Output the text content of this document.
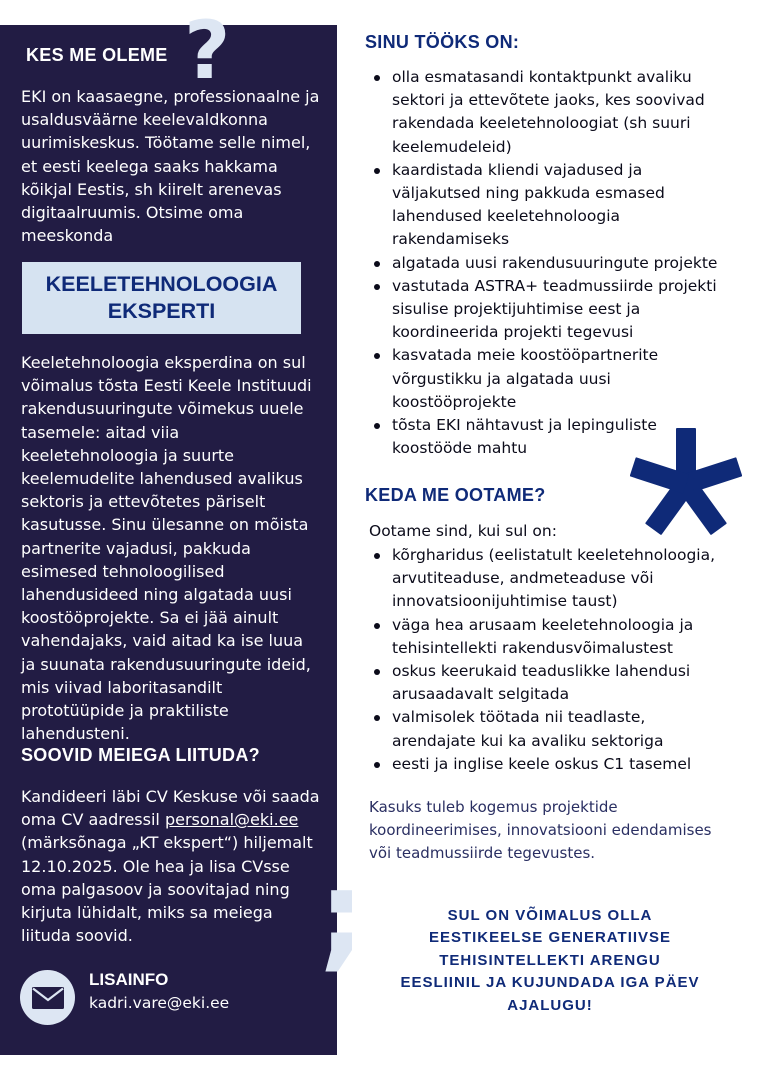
KES ME OLEME ?

EKI on kaasaegne, professionaalne ja usaldusväärne keelevaldkonna uurimiskeskus. Töötame selle nimel, et eesti keelega saaks hakkama kõikjal Eestis, sh kiirelt arenevas digitaalruumis. Otsime oma meeskonda

KEELETEHNOLOOGIA
EKSPERTI

Keeletehnoloogia eksperdina on sul võimalus tõsta Eesti Keele Instituudi rakendusuuringute võimekus uuele tasemele: aitad viia keeletehnoloogia ja suurte keelemudelite lahendused avalikus sektoris ja ettevõtetes päriselt kasutusse. Sinu ülesanne on mõista partnerite vajadusi, pakkuda esimesed tehnoloogilised lahendusideed ning algatada uusi koostööprojekte. Sa ei jää ainult vahendajaks, vaid aitad ka ise luua ja suunata rakendusuuringute ideid, mis viivad laboritasandilt prototüüpide ja praktiliste lahendusteni.

SOOVID MEIEGA LIITUDA?

Kandideeri läbi CV Keskuse või saada oma CV aadressil personal@eki.ee (märksõnaga „KT ekspert“) hiljemalt 12.10.2025. Ole hea ja lisa CVsse oma palgasoov ja soovitajad ning kirjuta lühidalt, miks sa meiega liituda soovid.

LISAINFO

kadri.vare@eki.ee

;
SINU TÖÖKS ON:
olla esmatasandi kontaktpunkt avaliku sektori ja ettevõtete jaoks, kes soovivad rakendada keeletehnoloogiat (sh suuri keelemudeleid)
kaardistada kliendi vajadused ja väljakutsed ning pakkuda esmased lahendused keeletehnoloogia rakendamiseks
algatada uusi rakendusuuringute projekte
vastutada ASTRA+ teadmussiirde projekti sisulise projektijuhtimise eest ja koordineerida projekti tegevusi
kasvatada meie koostööpartnerite võrgustikku ja algatada uusi koostööprojekte
tõsta EKI nähtavust ja lepinguliste koostööde mahtu
KEDA ME OOTAME?

Ootame sind, kui sul on:

kõrgharidus (eelistatult keeletehnoloogia, arvutiteaduse, andmeteaduse või innovatsioonijuhtimise taust)
väga hea arusaam keeletehnoloogia ja tehisintellekti rakendusvõimalustest
oskus keerukaid teaduslikke lahendusi arusaadavalt selgitada
valmisolek töötada nii teadlaste, arendajate kui ka avaliku sektoriga
eesti ja inglise keele oskus C1 tasemel

Kasuks tuleb kogemus projektide koordineerimises, innovatsiooni edendamises või teadmussiirde tegevustes.

SUL ON VÕIMALUS OLLA EESTIKEELSE GENERATIIVSE TEHISINTELLEKTI ARENGU EESLIINIL JA KUJUNDADA IGA PÄEV AJALUGU!
